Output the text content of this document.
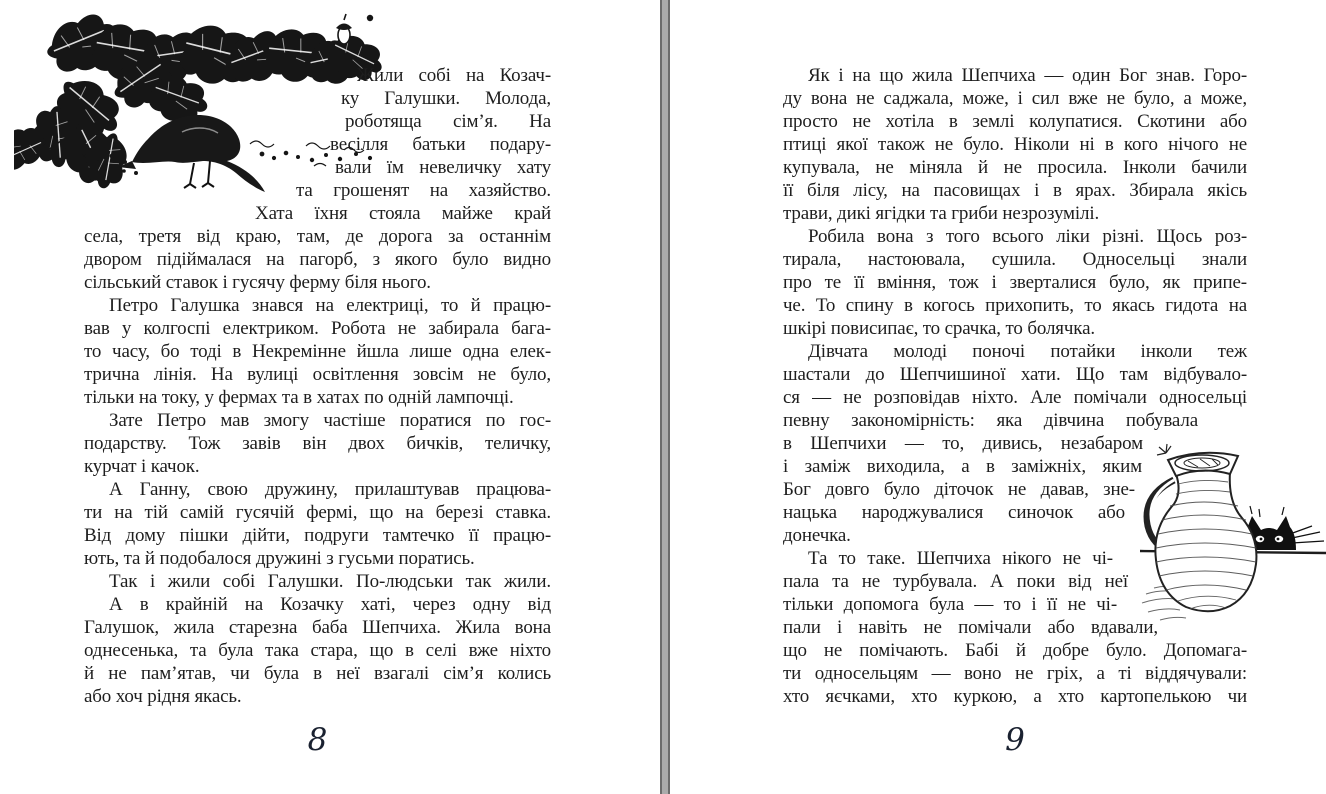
Жили собі на Козач-
ку Галушки. Молода,
роботяща сім’я. На
весілля батьки подару-
вали їм невеличку хату
та грошенят на хазяйство.
Хата їхня стояла майже край
села, третя від краю, там, де дорога за останнім
двором підіймалася на пагорб, з якого було видно
сільський ставок і гусячу ферму біля нього.
Петро Галушка знався на електриці, то й працю-
вав у колгоспі електриком. Робота не забирала бага-
то часу, бо тоді в Некремінне йшла лише одна елек-
трична лінія. На вулиці освітлення зовсім не було,
тільки на току, у фермах та в хатах по одній лампочці.
Зате Петро мав змогу частіше поратися по гос-
подарству. Тож завів він двох бичків, теличку,
курчат і качок.
А Ганну, свою дружину, прилаштував працюва-
ти на тій самій гусячій фермі, що на березі ставка.
Від дому пішки дійти, подруги тамтечко її працю-
ють, та й подобалося дружині з гусьми поратись.
Так і жили собі Галушки. По-людськи так жили.
А в крайній на Козачку хаті, через одну від
Галушок, жила старезна баба Шепчиха. Жила вона
однесенька, та була така стара, що в селі вже ніхто
й не пам’ятав, чи була в неї взагалі сім’я колись
або хоч рідня якась.
8
Як і на що жила Шепчиха — один Бог знав. Горо-
ду вона не саджала, може, і сил вже не було, а може,
просто не хотіла в землі колупатися. Скотини або
птиці якої також не було. Ніколи ні в кого нічого не
купувала, не міняла й не просила. Інколи бачили
її біля лісу, на пасовищах і в ярах. Збирала якісь
трави, дикі ягідки та гриби незрозумілі.
Робила вона з того всього ліки різні. Щось роз-
тирала, настоювала, сушила. Односельці знали
про те її вміння, тож і зверталися було, як припе-
че. То спину в когось прихопить, то якась гидота на
шкірі повисипає, то срачка, то болячка.
Дівчата молоді поночі потайки інколи теж
шастали до Шепчишиної хати. Що там відбувало-
ся — не розповідав ніхто. Але помічали односельці
певну закономірність: яка дівчина побувала
в Шепчихи — то, дивись, незабаром
і заміж виходила, а в заміжніх, яким
Бог довго було діточок не давав, зне-
нацька народжувалися синочок або
донечка.
Та то таке. Шепчиха нікого не чі-
пала та не турбувала. А поки від неї
тільки допомога була — то і її не чі-
пали і навіть не помічали або вдавали,
що не помічають. Бабі й добре було. Допомага-
ти односельцям — воно не гріх, а ті віддячували:
хто яєчками, хто куркою, а хто картопелькою чи
9
